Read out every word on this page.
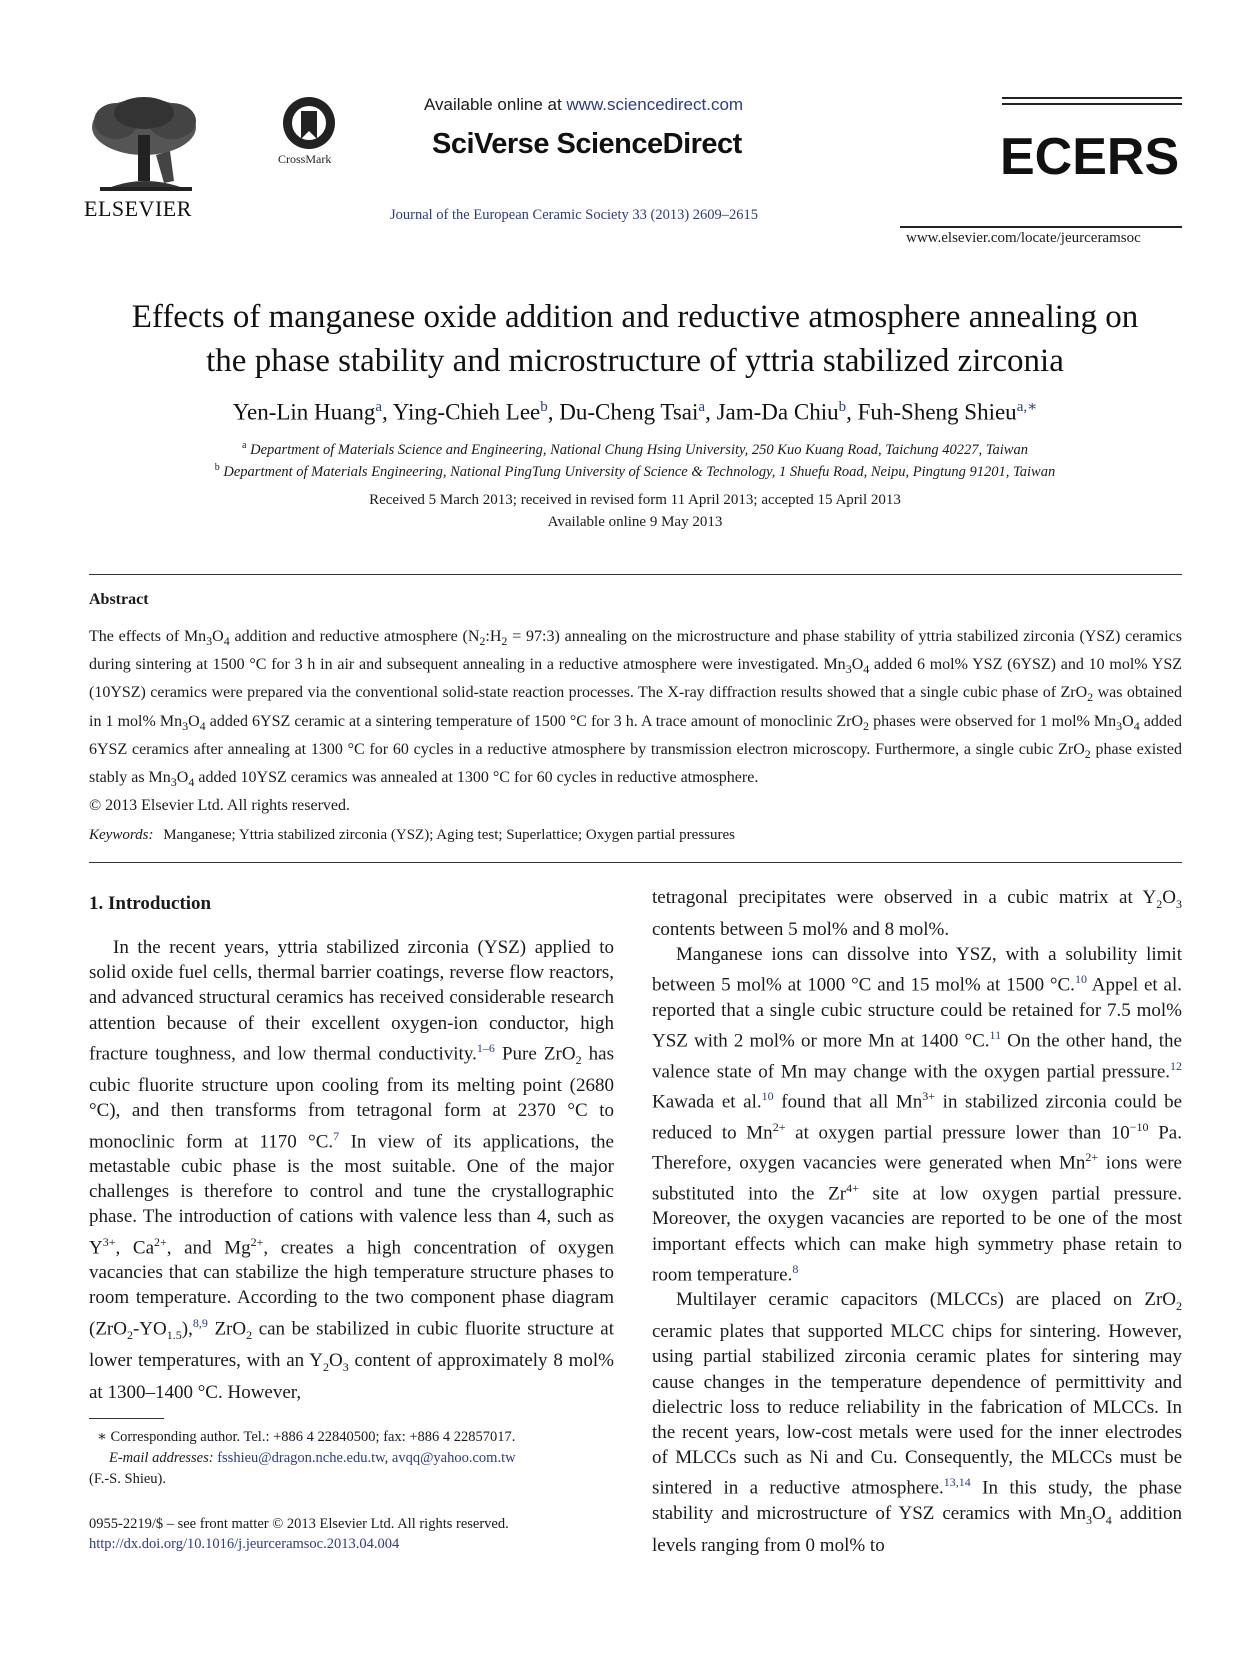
ELSEVIER
CrossMark
Available online at www.sciencedirect.com
SciVerse ScienceDirect
Journal of the European Ceramic Society 33 (2013) 2609–2615
ECERS
www.elsevier.com/locate/jeurceramsoc
Effects of manganese oxide addition and reductive atmosphere annealing on
the phase stability and microstructure of yttria stabilized zirconia
Yen-Lin Huang$^a$, Ying-Chieh Lee$^b$, Du-Cheng Tsai$^a$, Jam-Da Chiu$^b$, Fuh-Sheng Shieu$^{a,∗}$
$^a$ Department of Materials Science and Engineering, National Chung Hsing University, 250 Kuo Kuang Road, Taichung 40227, Taiwan
$^b$ Department of Materials Engineering, National PingTung University of Science & Technology, 1 Shuefu Road, Neipu, Pingtung 91201, Taiwan
Received 5 March 2013; received in revised form 11 April 2013; accepted 15 April 2013
Available online 9 May 2013
Abstract
The effects of $Mn_3O_4$ addition and reductive atmosphere ($N_2:H_2$ = 97:3) annealing on the microstructure and phase stability of yttria stabilized zirconia (YSZ) ceramics during sintering at 1500 °C for 3 h in air and subsequent annealing in a reductive atmosphere were investigated. $Mn_3O_4$ added 6 mol% YSZ (6YSZ) and 10 mol% YSZ (10YSZ) ceramics were prepared via the conventional solid-state reaction processes. The X-ray diffraction results showed that a single cubic phase of ZrO$_2$ was obtained in 1 mol% $Mn_3O_4$ added 6YSZ ceramic at a sintering temperature of 1500 °C for 3 h. A trace amount of monoclinic ZrO$_2$ phases were observed for 1 mol% $Mn_3O_4$ added 6YSZ ceramics after annealing at 1300 °C for 60 cycles in a reductive atmosphere by transmission electron microscopy. Furthermore, a single cubic ZrO$_2$ phase existed stably as $Mn_3O_4$ added 10YSZ ceramics was annealed at 1300 °C for 60 cycles in reductive atmosphere.
© 2013 Elsevier Ltd. All rights reserved.
Keywords: Manganese; Yttria stabilized zirconia (YSZ); Aging test; Superlattice; Oxygen partial pressures
1. Introduction

In the recent years, yttria stabilized zirconia (YSZ) applied to solid oxide fuel cells, thermal barrier coatings, reverse flow reactors, and advanced structural ceramics has received considerable research attention because of their excellent oxygen-ion conductor, high fracture toughness, and low thermal conductivity.$^{1-6}$ Pure ZrO$_2$ has cubic fluorite structure upon cooling from its melting point (2680 °C), and then transforms from tetragonal form at 2370 °C to monoclinic form at 1170 °C.$^7$ In view of its applications, the metastable cubic phase is the most suitable. One of the major challenges is therefore to control and tune the crystallographic phase. The introduction of cations with valence less than 4, such as $Y^{3+}$, $Ca^{2+}$, and $Mg^{2+}$, creates a high concentration of oxygen vacancies that can stabilize the high temperature structure phases to room temperature. According to the two component phase diagram $(ZrO_2-YO_{1.5}),^{8,9}$ ZrO$_2$ can be stabilized in cubic fluorite structure at lower temperatures, with an $Y_2O_3$ content of approximately 8 mol% at 1300–1400 °C. However,

tetragonal precipitates were observed in a cubic matrix at $Y_2O_3$ contents between 5 mol% and 8 mol%.

Manganese ions can dissolve into YSZ, with a solubility limit between 5 mol% at 1000 °C and 15 mol% at 1500 °C.$^{10}$ Appel et al. reported that a single cubic structure could be retained for 7.5 mol% YSZ with 2 mol% or more Mn at 1400 °C.$^{11}$ On the other hand, the valence state of Mn may change with the oxygen partial pressure.$^{12}$ Kawada et al.$^{10}$ found that all $Mn^{3+}$ in stabilized zirconia could be reduced to $Mn^{2+}$ at oxygen partial pressure lower than $10^{-10}$ Pa. Therefore, oxygen vacancies were generated when $Mn^{2+}$ ions were substituted into the $Zr^{4+}$ site at low oxygen partial pressure. Moreover, the oxygen vacancies are reported to be one of the most important effects which can make high symmetry phase retain to room temperature.$^8$

Multilayer ceramic capacitors (MLCCs) are placed on ZrO$_2$ ceramic plates that supported MLCC chips for sintering. However, using partial stabilized zirconia ceramic plates for sintering may cause changes in the temperature dependence of permittivity and dielectric loss to reduce reliability in the fabrication of MLCCs. In the recent years, low-cost metals were used for the inner electrodes of MLCCs such as Ni and Cu. Consequently, the MLCCs must be sintered in a reductive atmosphere.$^{13,14}$ In this study, the phase stability and microstructure of YSZ ceramics with $Mn_3O_4$ addition levels ranging from 0 mol% to

∗ Corresponding author. Tel.: +886 4 22840500; fax: +886 4 22857017.
E-mail addresses: fsshieu@dragon.nche.edu.tw, avqq@yahoo.com.tw
(F.-S. Shieu).
0955-2219/$ – see front matter © 2013 Elsevier Ltd. All rights reserved.
http://dx.doi.org/10.1016/j.jeurceramsoc.2013.04.004
